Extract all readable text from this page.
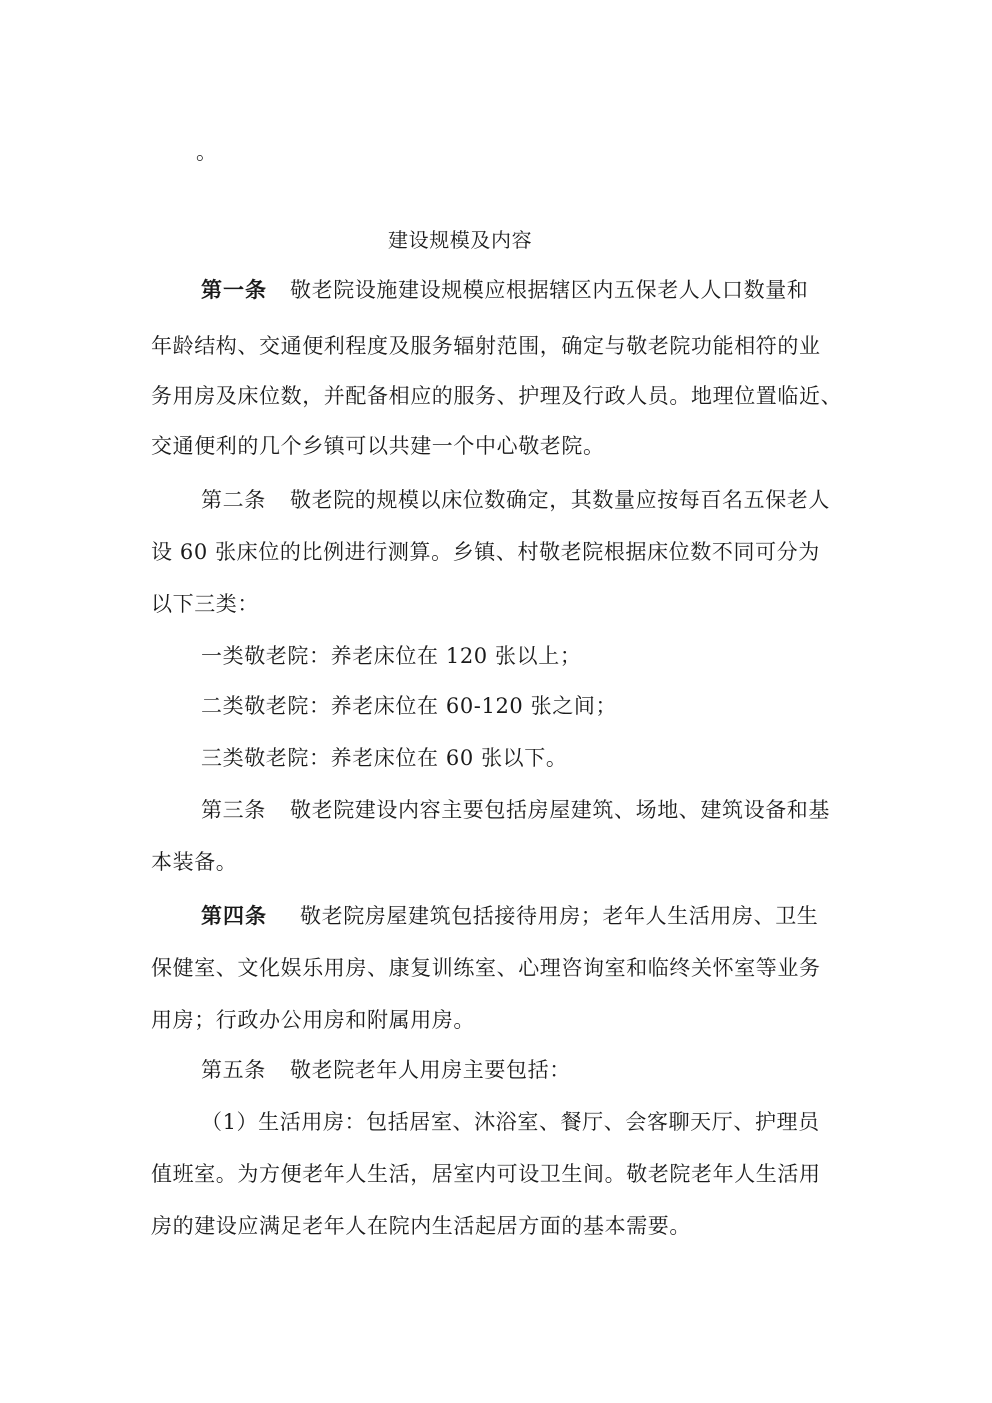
。
建设规模及内容
第一条 敬老院设施建设规模应根据辖区内五保老人人口数量和
年龄结构、交通便利程度及服务辐射范围，确定与敬老院功能相符的业
务用房及床位数，并配备相应的服务、护理及行政人员。地理位置临近、
交通便利的几个乡镇可以共建一个中心敬老院。
第二条 敬老院的规模以床位数确定，其数量应按每百名五保老人
设 60 张床位的比例进行测算。乡镇、村敬老院根据床位数不同可分为
以下三类：
一类敬老院：养老床位在 120 张以上；
二类敬老院：养老床位在 60-120 张之间；
三类敬老院：养老床位在 60 张以下。
第三条 敬老院建设内容主要包括房屋建筑、场地、建筑设备和基
本装备。
第四条 敬老院房屋建筑包括接待用房；老年人生活用房、卫生
保健室、文化娱乐用房、康复训练室、心理咨询室和临终关怀室等业务
用房；行政办公用房和附属用房。
第五条 敬老院老年人用房主要包括：
（1）生活用房：包括居室、沐浴室、餐厅、会客聊天厅、护理员
值班室。为方便老年人生活，居室内可设卫生间。敬老院老年人生活用
房的建设应满足老年人在院内生活起居方面的基本需要。
